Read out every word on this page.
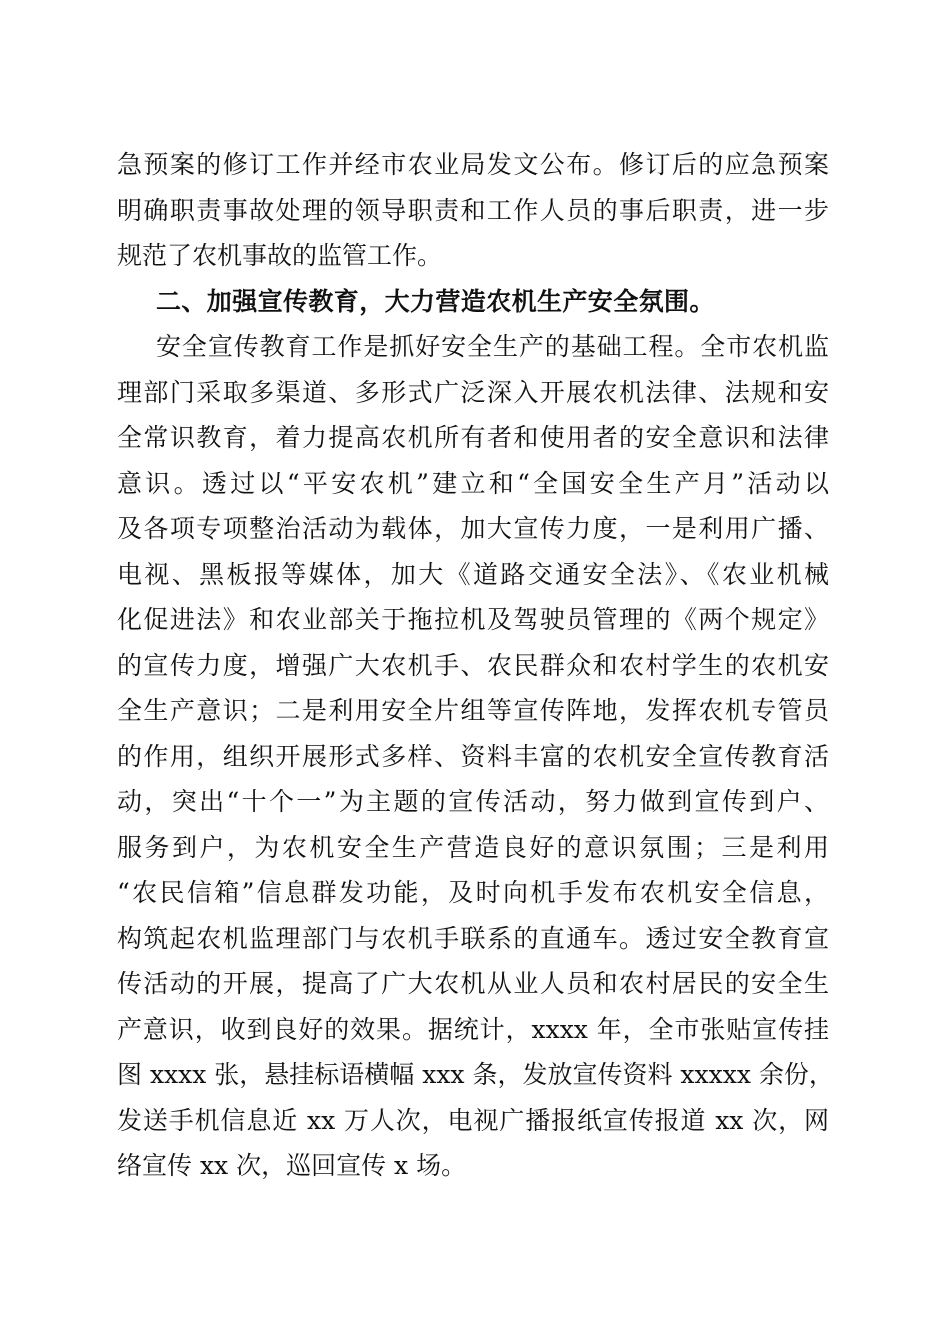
急预案的修订工作并经市农业局发文公布。修订后的应急预案
明确职责事故处理的领导职责和工作人员的事后职责，进一步
规范了农机事故的监管工作。
二、加强宣传教育，大力营造农机生产安全氛围。
安全宣传教育工作是抓好安全生产的基础工程。全市农机监
理部门采取多渠道、多形式广泛深入开展农机法律、法规和安
全常识教育，着力提高农机所有者和使用者的安全意识和法律
意识。透过以“平安农机”建立和“全国安全生产月”活动以
及各项专项整治活动为载体，加大宣传力度，一是利用广播、
电视、黑板报等媒体，加大《道路交通安全法》、《农业机械
化促进法》和农业部关于拖拉机及驾驶员管理的《两个规定》
的宣传力度，增强广大农机手、农民群众和农村学生的农机安
全生产意识；二是利用安全片组等宣传阵地，发挥农机专管员
的作用，组织开展形式多样、资料丰富的农机安全宣传教育活
动，突出“十个一”为主题的宣传活动，努力做到宣传到户、
服务到户，为农机安全生产营造良好的意识氛围；三是利用
“农民信箱”信息群发功能，及时向机手发布农机安全信息，
构筑起农机监理部门与农机手联系的直通车。透过安全教育宣
传活动的开展，提高了广大农机从业人员和农村居民的安全生
产意识，收到良好的效果。据统计，xxxx 年，全市张贴宣传挂
图 xxxx 张，悬挂标语横幅 xxx 条，发放宣传资料 xxxxx 余份，
发送手机信息近 xx 万人次，电视广播报纸宣传报道 xx 次，网
络宣传 xx 次，巡回宣传 x 场。
